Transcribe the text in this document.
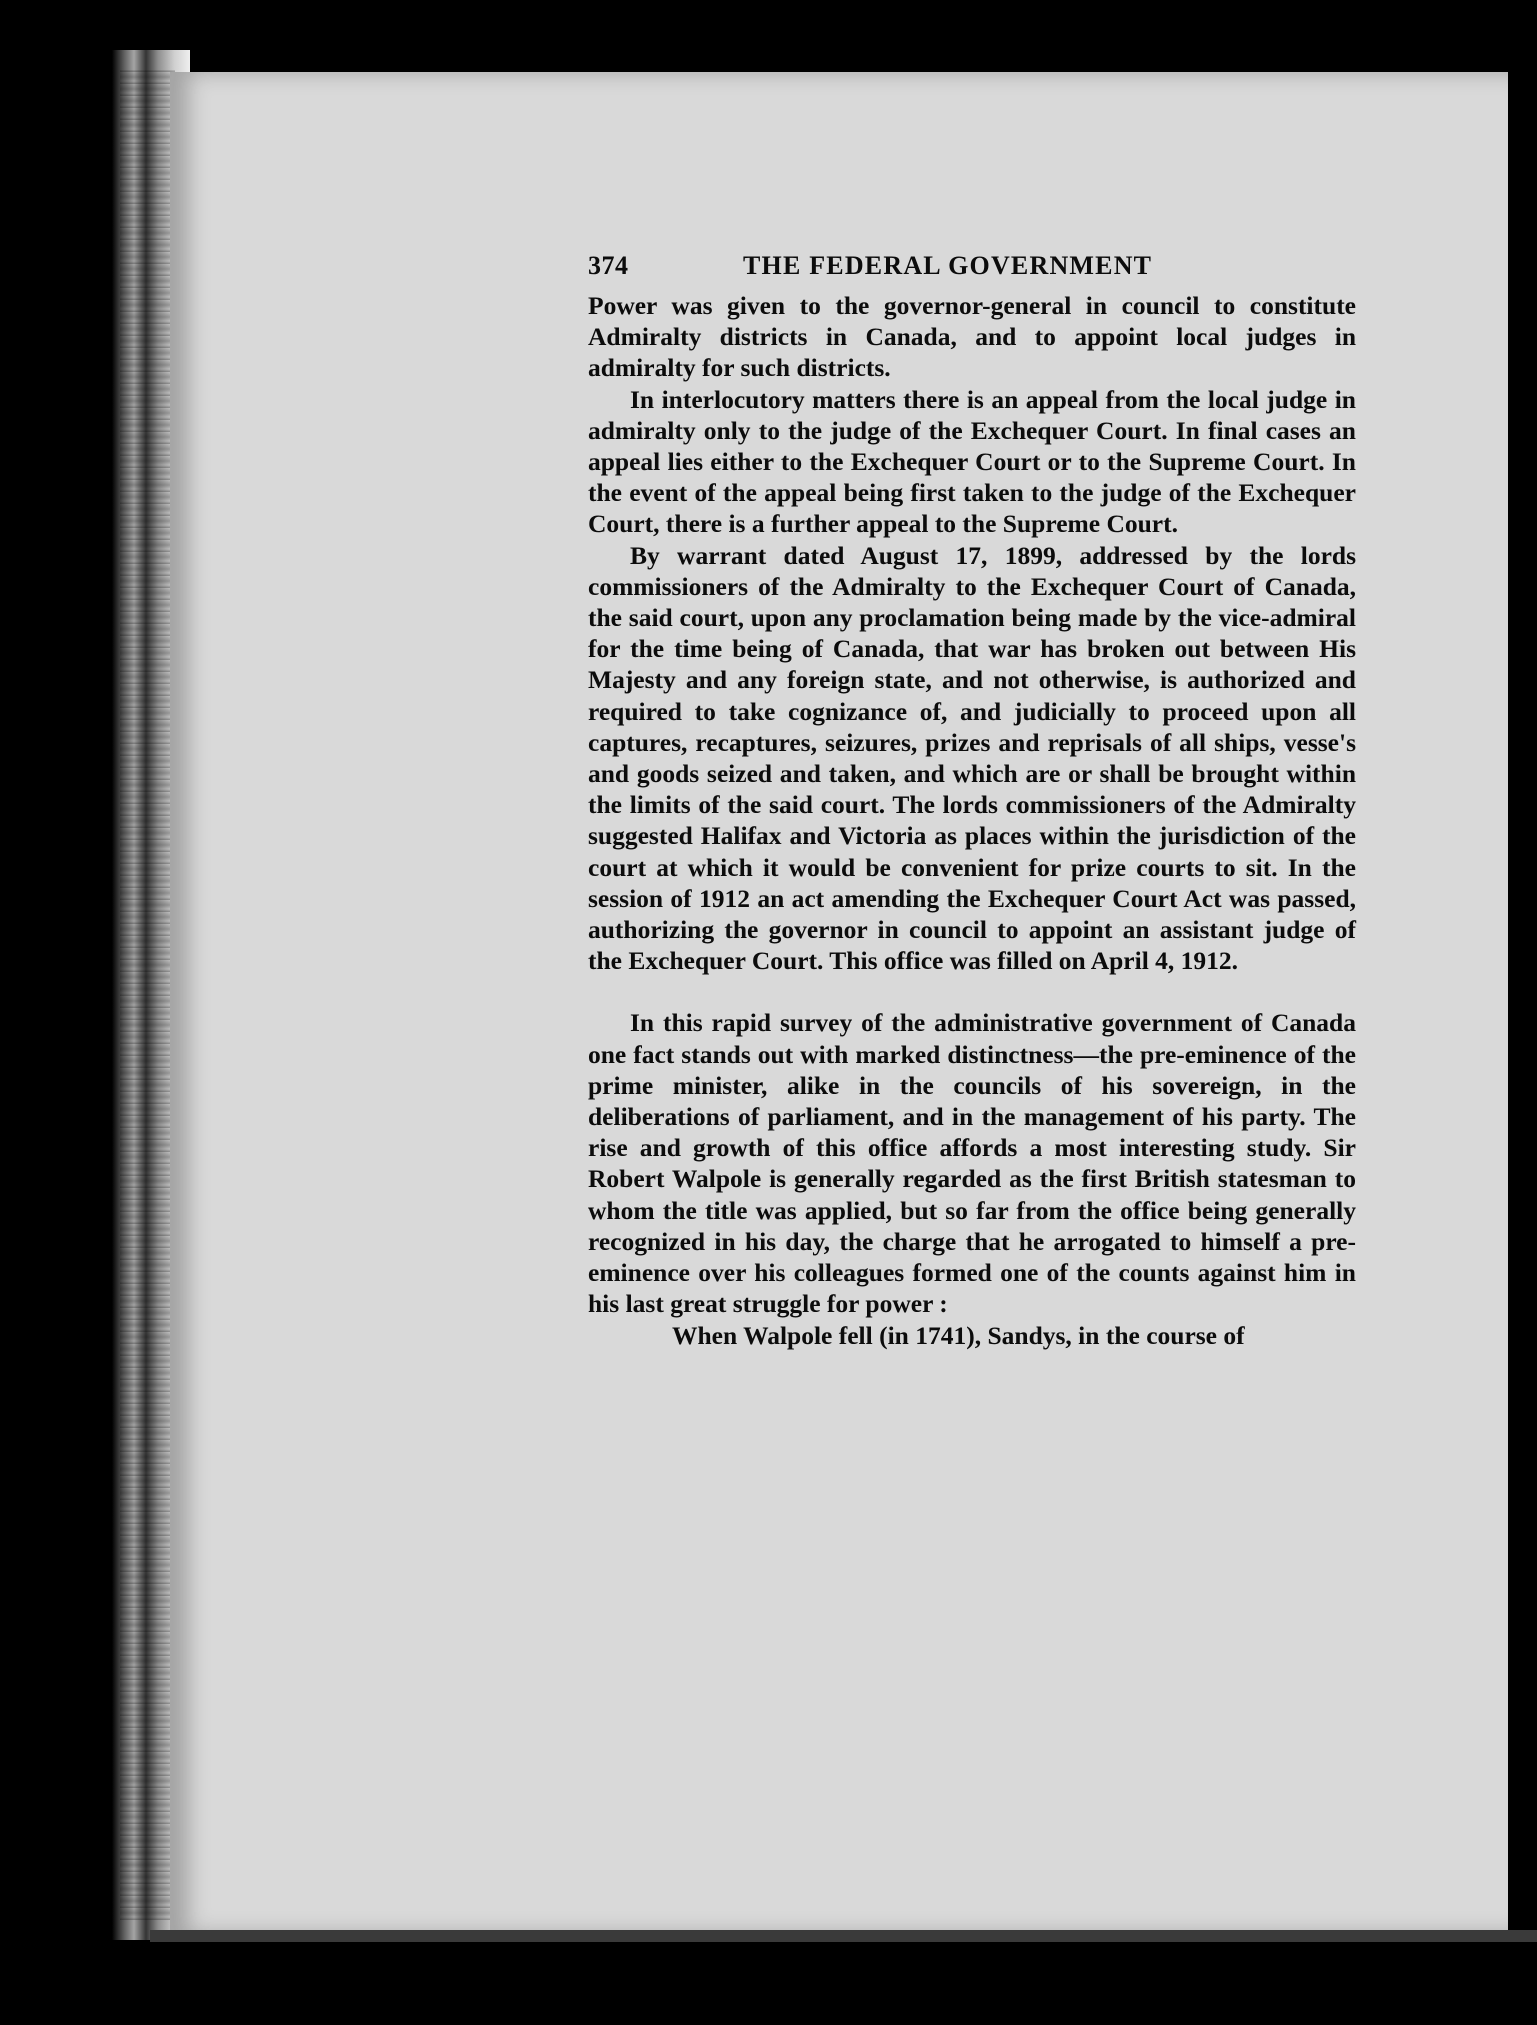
374	THE FEDERAL GOVERNMENT

Power was given to the governor-general in council to constitute Admiralty districts in Canada, and to appoint local judges in admiralty for such districts.

In interlocutory matters there is an appeal from the local judge in admiralty only to the judge of the Exchequer Court. In final cases an appeal lies either to the Exchequer Court or to the Supreme Court. In the event of the appeal being first taken to the judge of the Exchequer Court, there is a further appeal to the Supreme Court.

By warrant dated August 17, 1899, addressed by the lords commissioners of the Admiralty to the Exchequer Court of Canada, the said court, upon any proclamation being made by the vice-admiral for the time being of Canada, that war has broken out between His Majesty and any foreign state, and not otherwise, is authorized and required to take cognizance of, and judicially to proceed upon all captures, recaptures, seizures, prizes and reprisals of all ships, vesse's and goods seized and taken, and which are or shall be brought within the limits of the said court. The lords commissioners of the Admiralty suggested Halifax and Victoria as places within the jurisdiction of the court at which it would be convenient for prize courts to sit. In the session of 1912 an act amending the Exchequer Court Act was passed, authorizing the governor in council to appoint an assistant judge of the Exchequer Court. This office was filled on April 4, 1912.

In this rapid survey of the administrative government of Canada one fact stands out with marked distinctness—the pre-eminence of the prime minister, alike in the councils of his sovereign, in the deliberations of parliament, and in the management of his party. The rise and growth of this office affords a most interesting study. Sir Robert Walpole is generally regarded as the first British statesman to whom the title was applied, but so far from the office being generally recognized in his day, the charge that he arrogated to himself a pre-eminence over his colleagues formed one of the counts against him in his last great struggle for power :

When Walpole fell (in 1741), Sandys, in the course of
